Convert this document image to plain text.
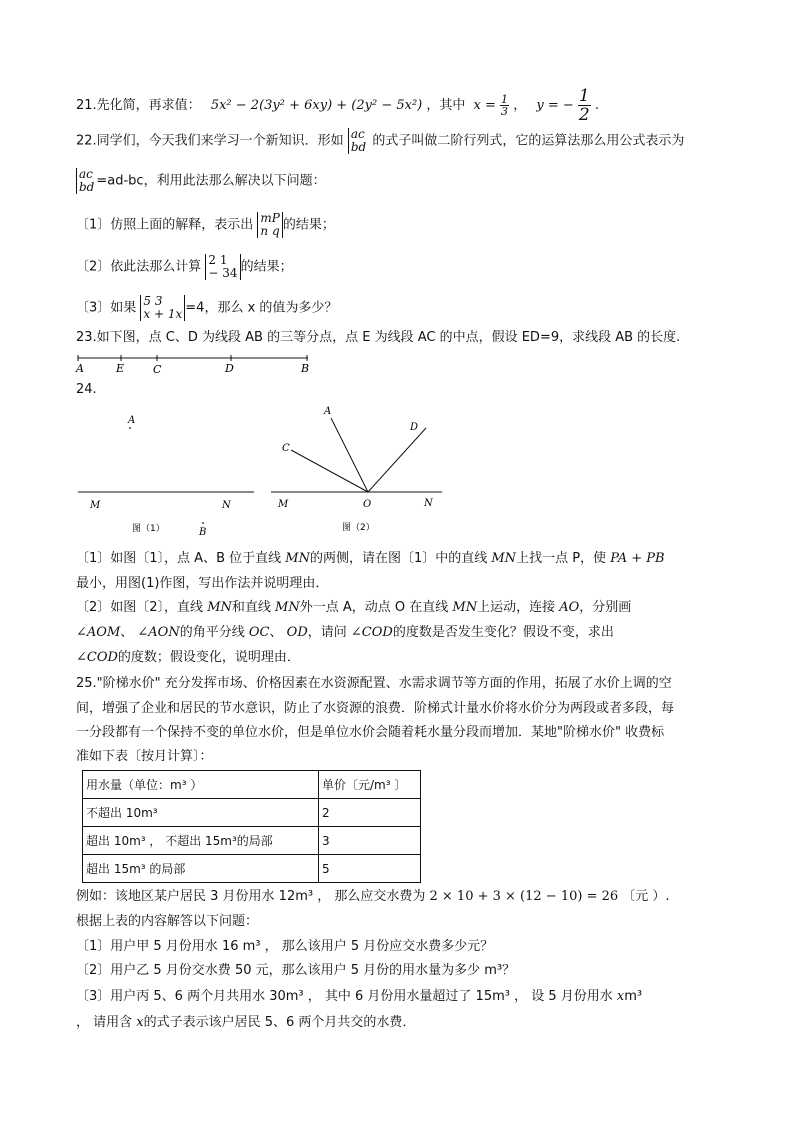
21.先化简，再求值： 5x² − 2(3y² + 6xy) + (2y² − 5x²) ，其中 $x = \frac{1}{3}$ ， y = − $\frac{1}{2}$ .
22.同学们，今天我们来学习一个新知识．形如 ac
bd 的式子叫做二阶行列式，它的运算法那么用公式表示为
ac
bd =ad-bc，利用此法那么解决以下问题：
〔1〕仿照上面的解释，表示出 mP
n q 的结果；
〔2〕依此法那么计算 2 1
− 34 的结果；
〔3〕如果 5 3
x + 1x =4，那么 x 的值为多少？
23.如下图，点 C、D 为线段 AB 的三等分点，点 E 为线段 AC 的中点，假设 ED=9，求线段 AB 的长度.
A	E	C	D	B
24.
A
M	N
B
图（1）
A
C
D
O
M	N
图（2）
〔1〕如图〔1〕，点 A、B 位于直线 MN的两侧，请在图〔1〕中的直线 MN上找一点 P，使 PA + PB
最小，用图(1)作图，写出作法并说明理由．
〔2〕如图〔2〕，直线 MN和直线 MN外一点 A，动点 O 在直线 MN上运动，连接 AO，分别画
∠AOM、 ∠AON的角平分线 OC、 OD，请问 ∠COD的度数是否发生变化？假设不变，求出
∠COD的度数；假设变化，说明理由．
25."阶梯水价" 充分发挥市场、价格因素在水资源配置、水需求调节等方面的作用，拓展了水价上调的空
间，增强了企业和居民的节水意识，防止了水资源的浪费．阶梯式计量水价将水价分为两段或者多段，每
一分段都有一个保持不变的单位水价，但是单位水价会随着耗水量分段而增加．某地"阶梯水价" 收费标
准如下表〔按月计算〕：
用水量（单位：m³ ）	单价〔元/m³ 〕
不超出 10m³	2
超出 10m³ ， 不超出 15m³的局部	3
超出 15m³ 的局部	5
例如：该地区某户居民 3 月份用水 12m³ ， 那么应交水费为 2 × 10 + 3 × (12 − 10) = 26 〔元 ）.
根据上表的内容解答以下问题：
〔1〕用户甲 5 月份用水 16 m³ ， 那么该用户 5 月份应交水费多少元？
〔2〕用户乙 5 月份交水费 50 元，那么该用户 5 月份的用水量为多少 m³？
〔3〕用户丙 5、6 两个月共用水 30m³ ， 其中 6 月份用水量超过了 15m³ ， 设 5 月份用水 xm³
， 请用含 x的式子表示该户居民 5、6 两个月共交的水费．
